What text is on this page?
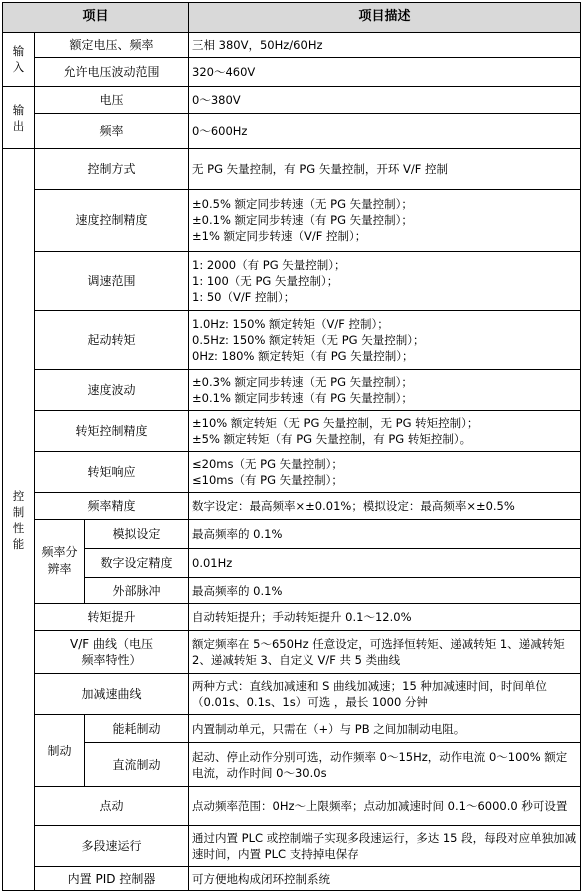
项目			项目描述

输
入	额定电压、频率		三相 380V，50Hz/60Hz

	允许电压波动范围		320～460V

输
出	电压		0～380V

	频率		0～600Hz

控
制
性
能	控制方式		无 PG 矢量控制，有 PG 矢量控制，开环 V/F 控制

	速度控制精度		±0.5% 额定同步转速（无 PG 矢量控制）；
±0.1% 额定同步转速（有 PG 矢量控制）；
±1% 额定同步转速（V/F 控制）；

	调速范围		1: 2000（有 PG 矢量控制）；
1: 100（无 PG 矢量控制）；
1: 50（V/F 控制）；

	起动转矩		1.0Hz: 150% 额定转矩（V/F 控制）；
0.5Hz: 150% 额定转矩（无 PG 矢量控制）；
0Hz: 180% 额定转矩（有 PG 矢量控制）；

	速度波动		±0.3% 额定同步转速（无 PG 矢量控制）；
±0.1% 额定同步转速（有 PG 矢量控制）；

	转矩控制精度		±10% 额定转矩（无 PG 矢量控制，无 PG 转矩控制）；
±5% 额定转矩（有 PG 矢量控制，有 PG 转矩控制）。

	转矩响应		≤20ms（无 PG 矢量控制）；
≤10ms（有 PG 矢量控制）；

	频率精度		数字设定：最高频率×±0.01%；模拟设定：最高频率×±0.5%

	频率分辨率	模拟设定	最高频率的 0.1%

		数字设定精度	0.01Hz

		外部脉冲	最高频率的 0.1%

	转矩提升		自动转矩提升；手动转矩提升 0.1～12.0%

	V/F 曲线（电压
频率特性）		额定频率在 5～650Hz 任意设定，可选择恒转矩、递减转矩 1、递减转矩 2、递减转矩 3、自定义 V/F 共 5 类曲线

	加减速曲线		两种方式：直线加减速和 S 曲线加减速；15 种加减速时间，时间单位（0.01s、0.1s、1s）可选 ，最长 1000 分钟

	制动	能耗制动	内置制动单元，只需在（+）与 PB 之间加制动电阻。

		直流制动	起动、停止动作分别可选，动作频率 0～15Hz，动作电流 0～100% 额定电流，动作时间 0～30.0s

	点动		点动频率范围：0Hz～上限频率；点动加减速时间 0.1～6000.0 秒可设置

	多段速运行		通过内置 PLC 或控制端子实现多段速运行，多达 15 段，每段对应单独加减速时间，内置 PLC 支持掉电保存

	内置 PID 控制器		可方便地构成闭环控制系统
